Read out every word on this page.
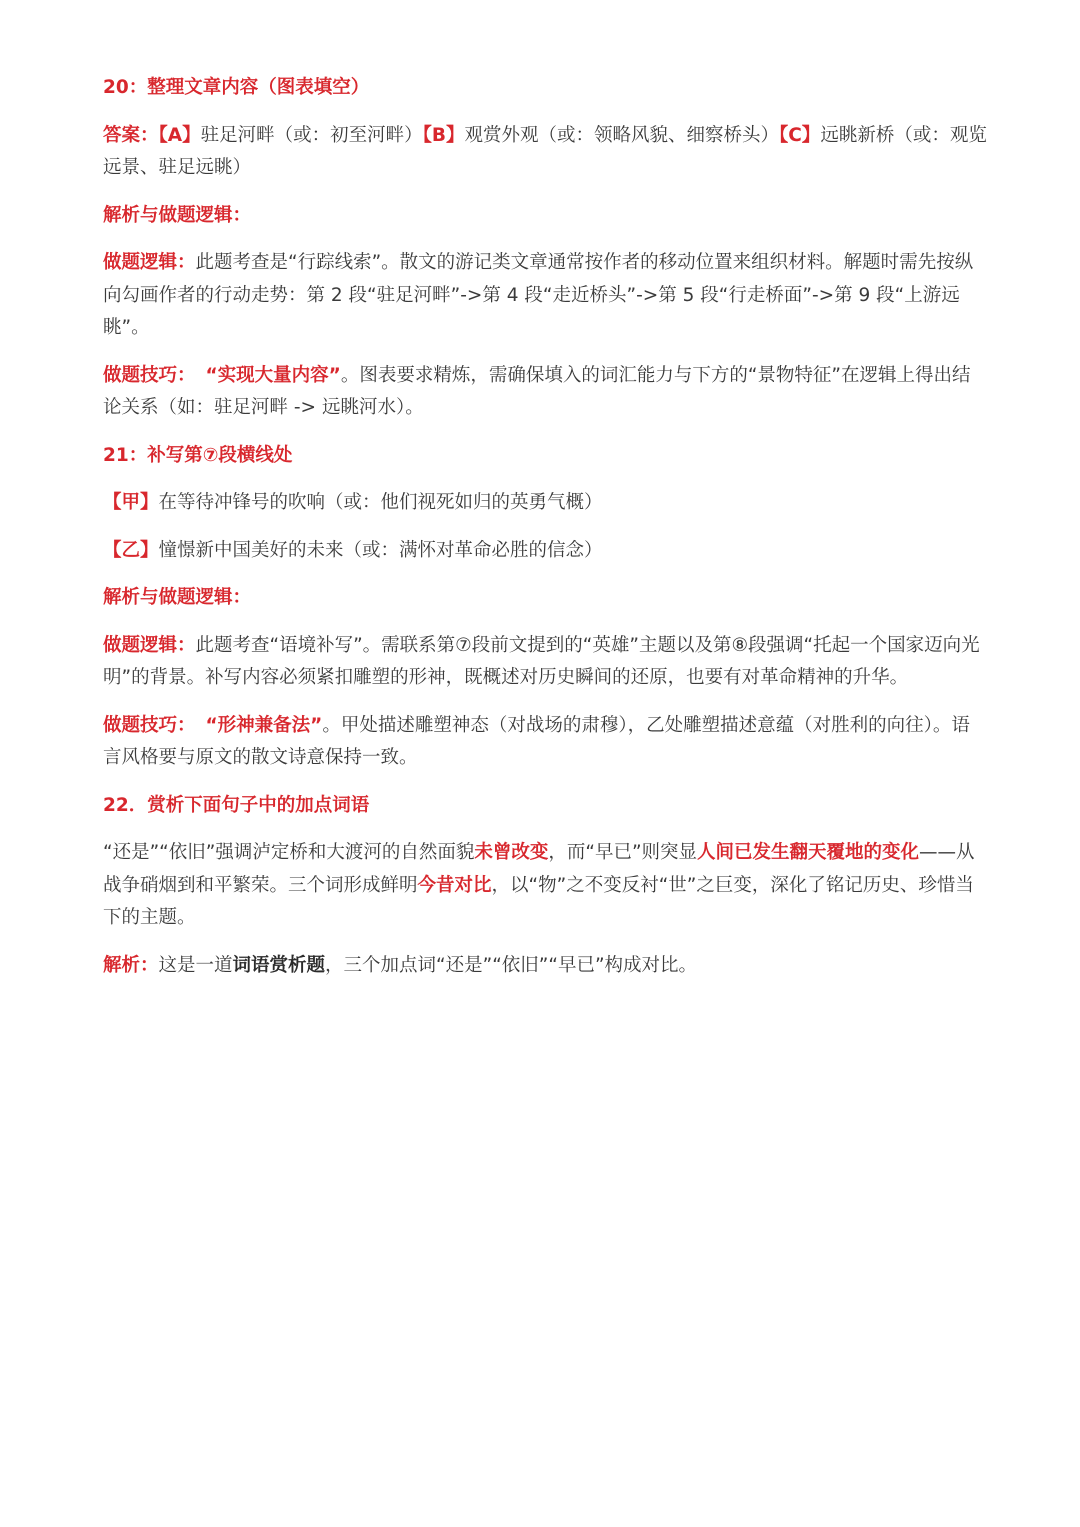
20：整理文章内容（图表填空）

答案：【A】驻足河畔（或：初至河畔）【B】观赏外观（或：领略风貌、细察桥头）【C】远眺新桥（或：观览远景、驻足远眺）

解析与做题逻辑：

做题逻辑：此题考查是“行踪线索”。散文的游记类文章通常按作者的移动位置来组织材料。解题时需先按纵向勾画作者的行动走势：第 2 段“驻足河畔”->第 4 段“走近桥头”->第 5 段“行走桥面”->第 9 段“上游远眺”。

做题技巧： “实现大量内容”。图表要求精炼，需确保填入的词汇能力与下方的“景物特征”在逻辑上得出结论关系（如：驻足河畔 -> 远眺河水）。

21：补写第⑦段横线处

【甲】在等待冲锋号的吹响（或：他们视死如归的英勇气概）

【乙】憧憬新中国美好的未来（或：满怀对革命必胜的信念）

解析与做题逻辑：

做题逻辑：此题考查“语境补写”。需联系第⑦段前文提到的“英雄”主题以及第⑧段强调“托起一个国家迈向光明”的背景。补写内容必须紧扣雕塑的形神，既概述对历史瞬间的还原，也要有对革命精神的升华。

做题技巧： “形神兼备法”。甲处描述雕塑神态（对战场的肃穆），乙处雕塑描述意蕴（对胜利的向往）。语言风格要与原文的散文诗意保持一致。

22．赏析下面句子中的加点词语

“还是”“依旧”强调泸定桥和大渡河的自然面貌未曾改变，而“早已”则突显人间已发生翻天覆地的变化——从战争硝烟到和平繁荣。三个词形成鲜明今昔对比，以“物”之不变反衬“世”之巨变，深化了铭记历史、珍惜当下的主题。

解析：这是一道词语赏析题，三个加点词“还是”“依旧”“早已”构成对比。
